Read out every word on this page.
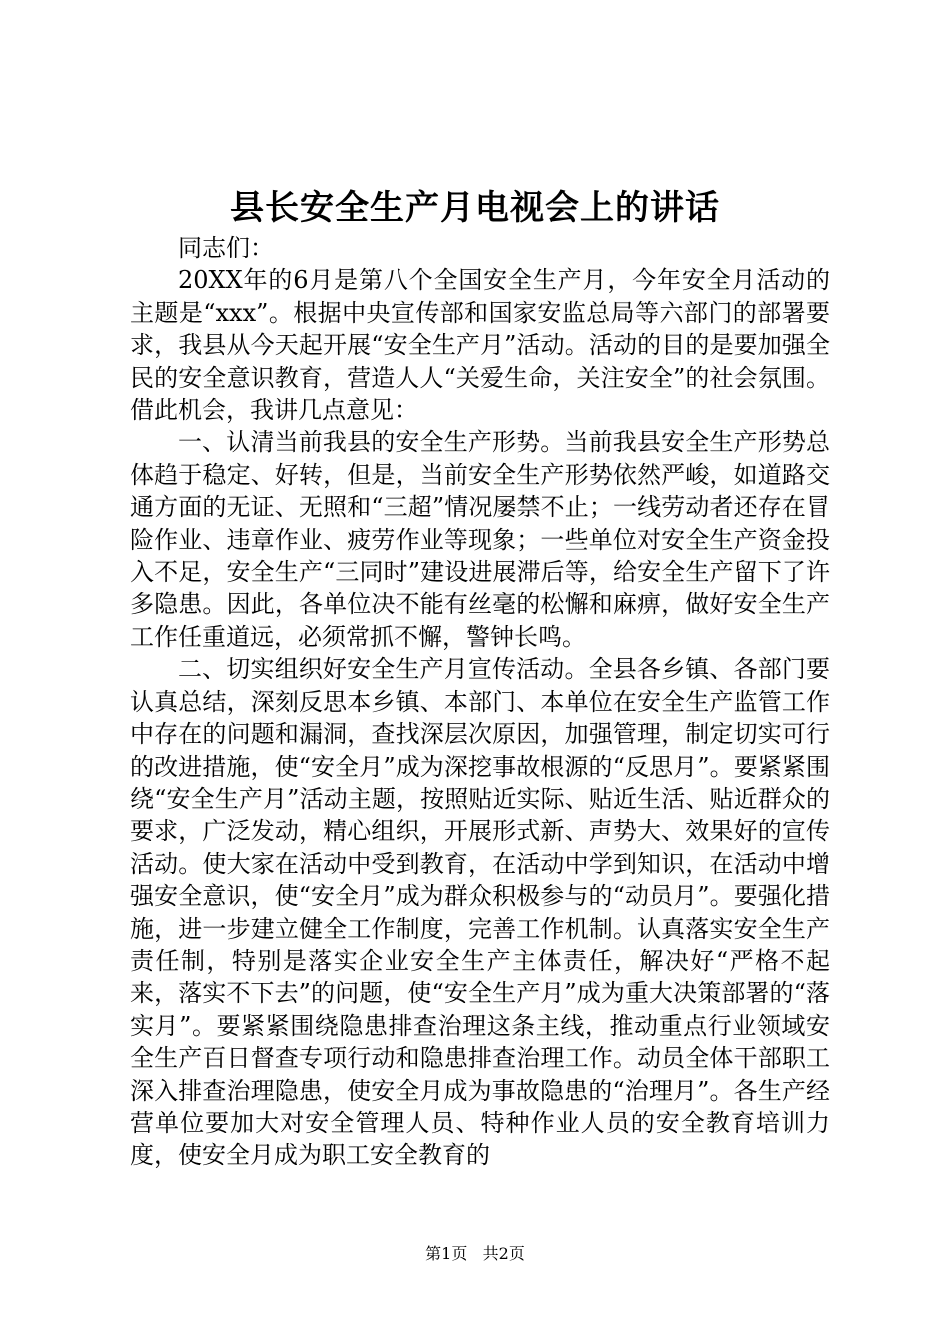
县长安全生产月电视会上的讲话

同志们：

20XX年的6月是第八个全国安全生产月，今年安全月活动的主题是“xxx”。根据中央宣传部和国家安监总局等六部门的部署要求，我县从今天起开展“安全生产月”活动。活动的目的是要加强全民的安全意识教育，营造人人“关爱生命，关注安全”的社会氛围。借此机会，我讲几点意见：

一、认清当前我县的安全生产形势。当前我县安全生产形势总体趋于稳定、好转，但是，当前安全生产形势依然严峻，如道路交通方面的无证、无照和“三超”情况屡禁不止；一线劳动者还存在冒险作业、违章作业、疲劳作业等现象；一些单位对安全生产资金投入不足，安全生产“三同时”建设进展滞后等，给安全生产留下了许多隐患。因此，各单位决不能有丝毫的松懈和麻痹，做好安全生产工作任重道远，必须常抓不懈，警钟长鸣。

二、切实组织好安全生产月宣传活动。全县各乡镇、各部门要认真总结，深刻反思本乡镇、本部门、本单位在安全生产监管工作中存在的问题和漏洞，查找深层次原因，加强管理，制定切实可行的改进措施，使“安全月”成为深挖事故根源的“反思月”。要紧紧围绕“安全生产月”活动主题，按照贴近实际、贴近生活、贴近群众的要求，广泛发动，精心组织，开展形式新、声势大、效果好的宣传活动。使大家在活动中受到教育，在活动中学到知识，在活动中增强安全意识，使“安全月”成为群众积极参与的“动员月”。要强化措施，进一步建立健全工作制度，完善工作机制。认真落实安全生产责任制，特别是落实企业安全生产主体责任，解决好“严格不起来，落实不下去”的问题，使“安全生产月”成为重大决策部署的“落实月”。要紧紧围绕隐患排查治理这条主线，推动重点行业领域安全生产百日督查专项行动和隐患排查治理工作。动员全体干部职工深入排查治理隐患，使安全月成为事故隐患的“治理月”。各生产经营单位要加大对安全管理人员、特种作业人员的安全教育培训力度，使安全月成为职工安全教育的

第1页 共2页
